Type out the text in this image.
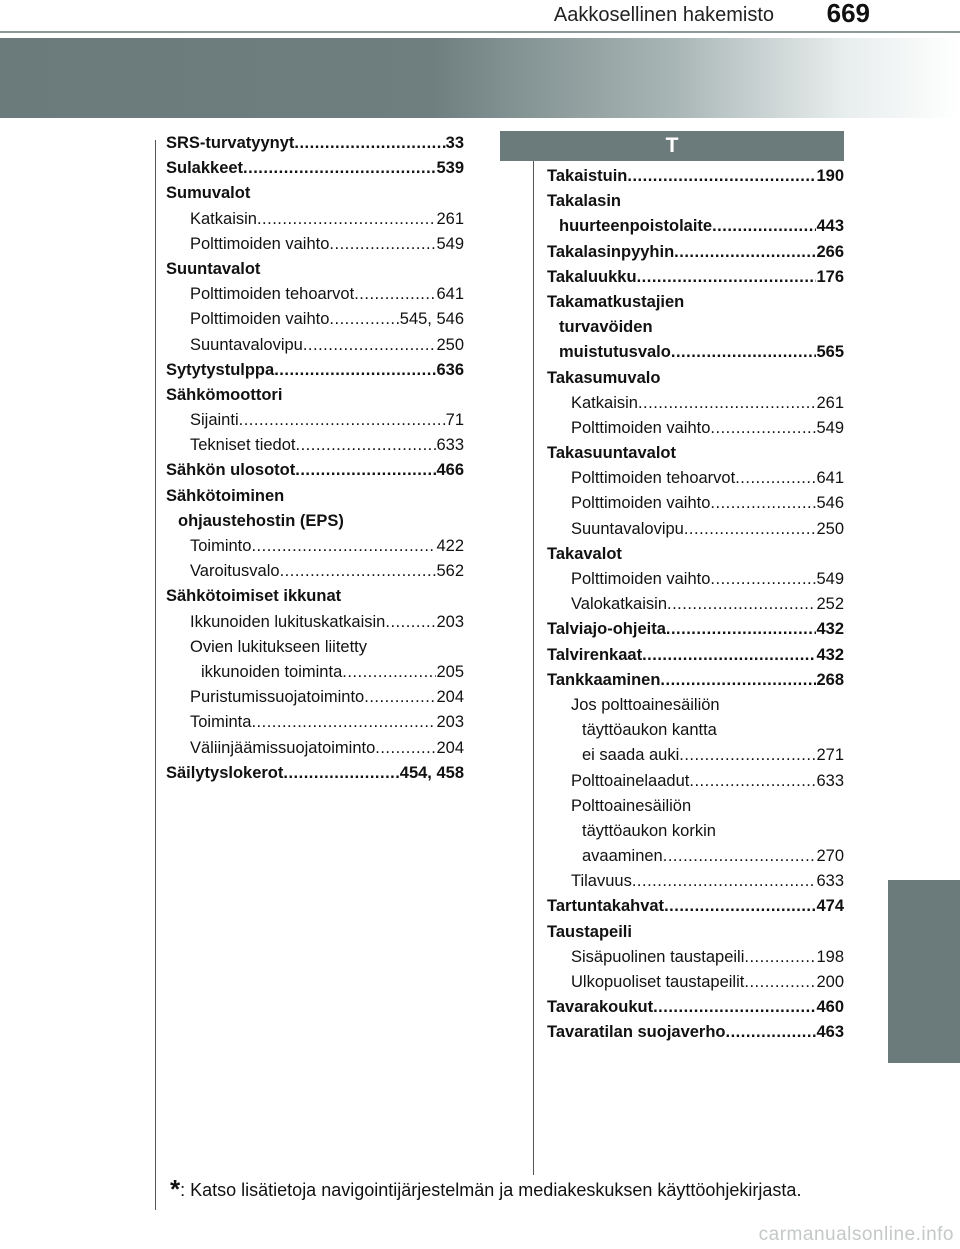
Aakkosellinen hakemisto 669
SRS-turvatyynyt .....	33
Sulakkeet .....	539
Sumuvalot
Katkaisin .....	261
Polttimoiden vaihto .....	549
Suuntavalot
Polttimoiden tehoarvot .....	641
Polttimoiden vaihto .....	545, 546
Suuntavalovipu .....	250
Sytytystulppa .....	636
Sähkömoottori
Sijainti .....	71
Tekniset tiedot .....	633
Sähkön ulosotot .....	466
Sähkötoiminen
ohjaustehostin (EPS)
Toiminto .....	422
Varoitusvalo .....	562
Sähkötoimiset ikkunat
Ikkunoiden lukituskatkaisin .....	203
Ovien lukitukseen liitetty
ikkunoiden toiminta .....	205
Puristumissuojatoiminto .....	204
Toiminta .....	203
Väliinjäämissuojatoiminto .....	204
Säilytyslokerot .....	454, 458
T
Takaistuin .....	190
Takalasin
huurteenpoistolaite .....	443
Takalasinpyyhin .....	266
Takaluukku .....	176
Takamatkustajien
turvavöiden
muistutusvalo .....	565
Takasumuvalo
Katkaisin .....	261
Polttimoiden vaihto .....	549
Takasuuntavalot
Polttimoiden tehoarvot .....	641
Polttimoiden vaihto .....	546
Suuntavalovipu .....	250
Takavalot
Polttimoiden vaihto .....	549
Valokatkaisin .....	252
Talviajo-ohjeita .....	432
Talvirenkaat .....	432
Tankkaaminen .....	268
Jos polttoainesäiliön
täyttöaukon kantta
ei saada auki .....	271
Polttoainelaadut .....	633
Polttoainesäiliön
täyttöaukon korkin
avaaminen .....	270
Tilavuus .....	633
Tartuntakahvat .....	474
Taustapeili
Sisäpuolinen taustapeili .....	198
Ulkopuoliset taustapeilit .....	200
Tavarakoukut .....	460
Tavaratilan suojaverho .....	463
*: Katso lisätietoja navigointijärjestelmän ja mediakeskuksen käyttöohjekirjasta.
carmanualsonline.info
